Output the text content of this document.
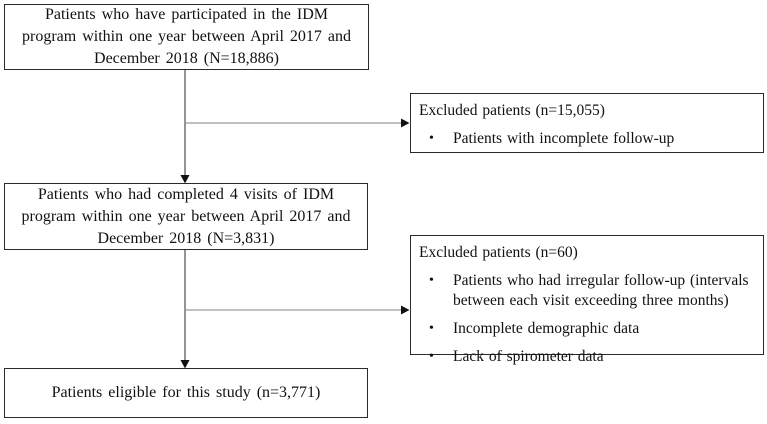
Patients who have participated in the IDM program within one year between April 2017 and December 2018 (N=18,886)
Excluded patients (n=15,055)
•	Patients with incomplete follow-up
Patients who had completed 4 visits of IDM program within one year between April 2017 and December 2018 (N=3,831)
Excluded patients (n=60)
•	Patients who had irregular follow-up (intervals between each visit exceeding three months)
•	Incomplete demographic data
•	Lack of spirometer data
Patients eligible for this study (n=3,771)
